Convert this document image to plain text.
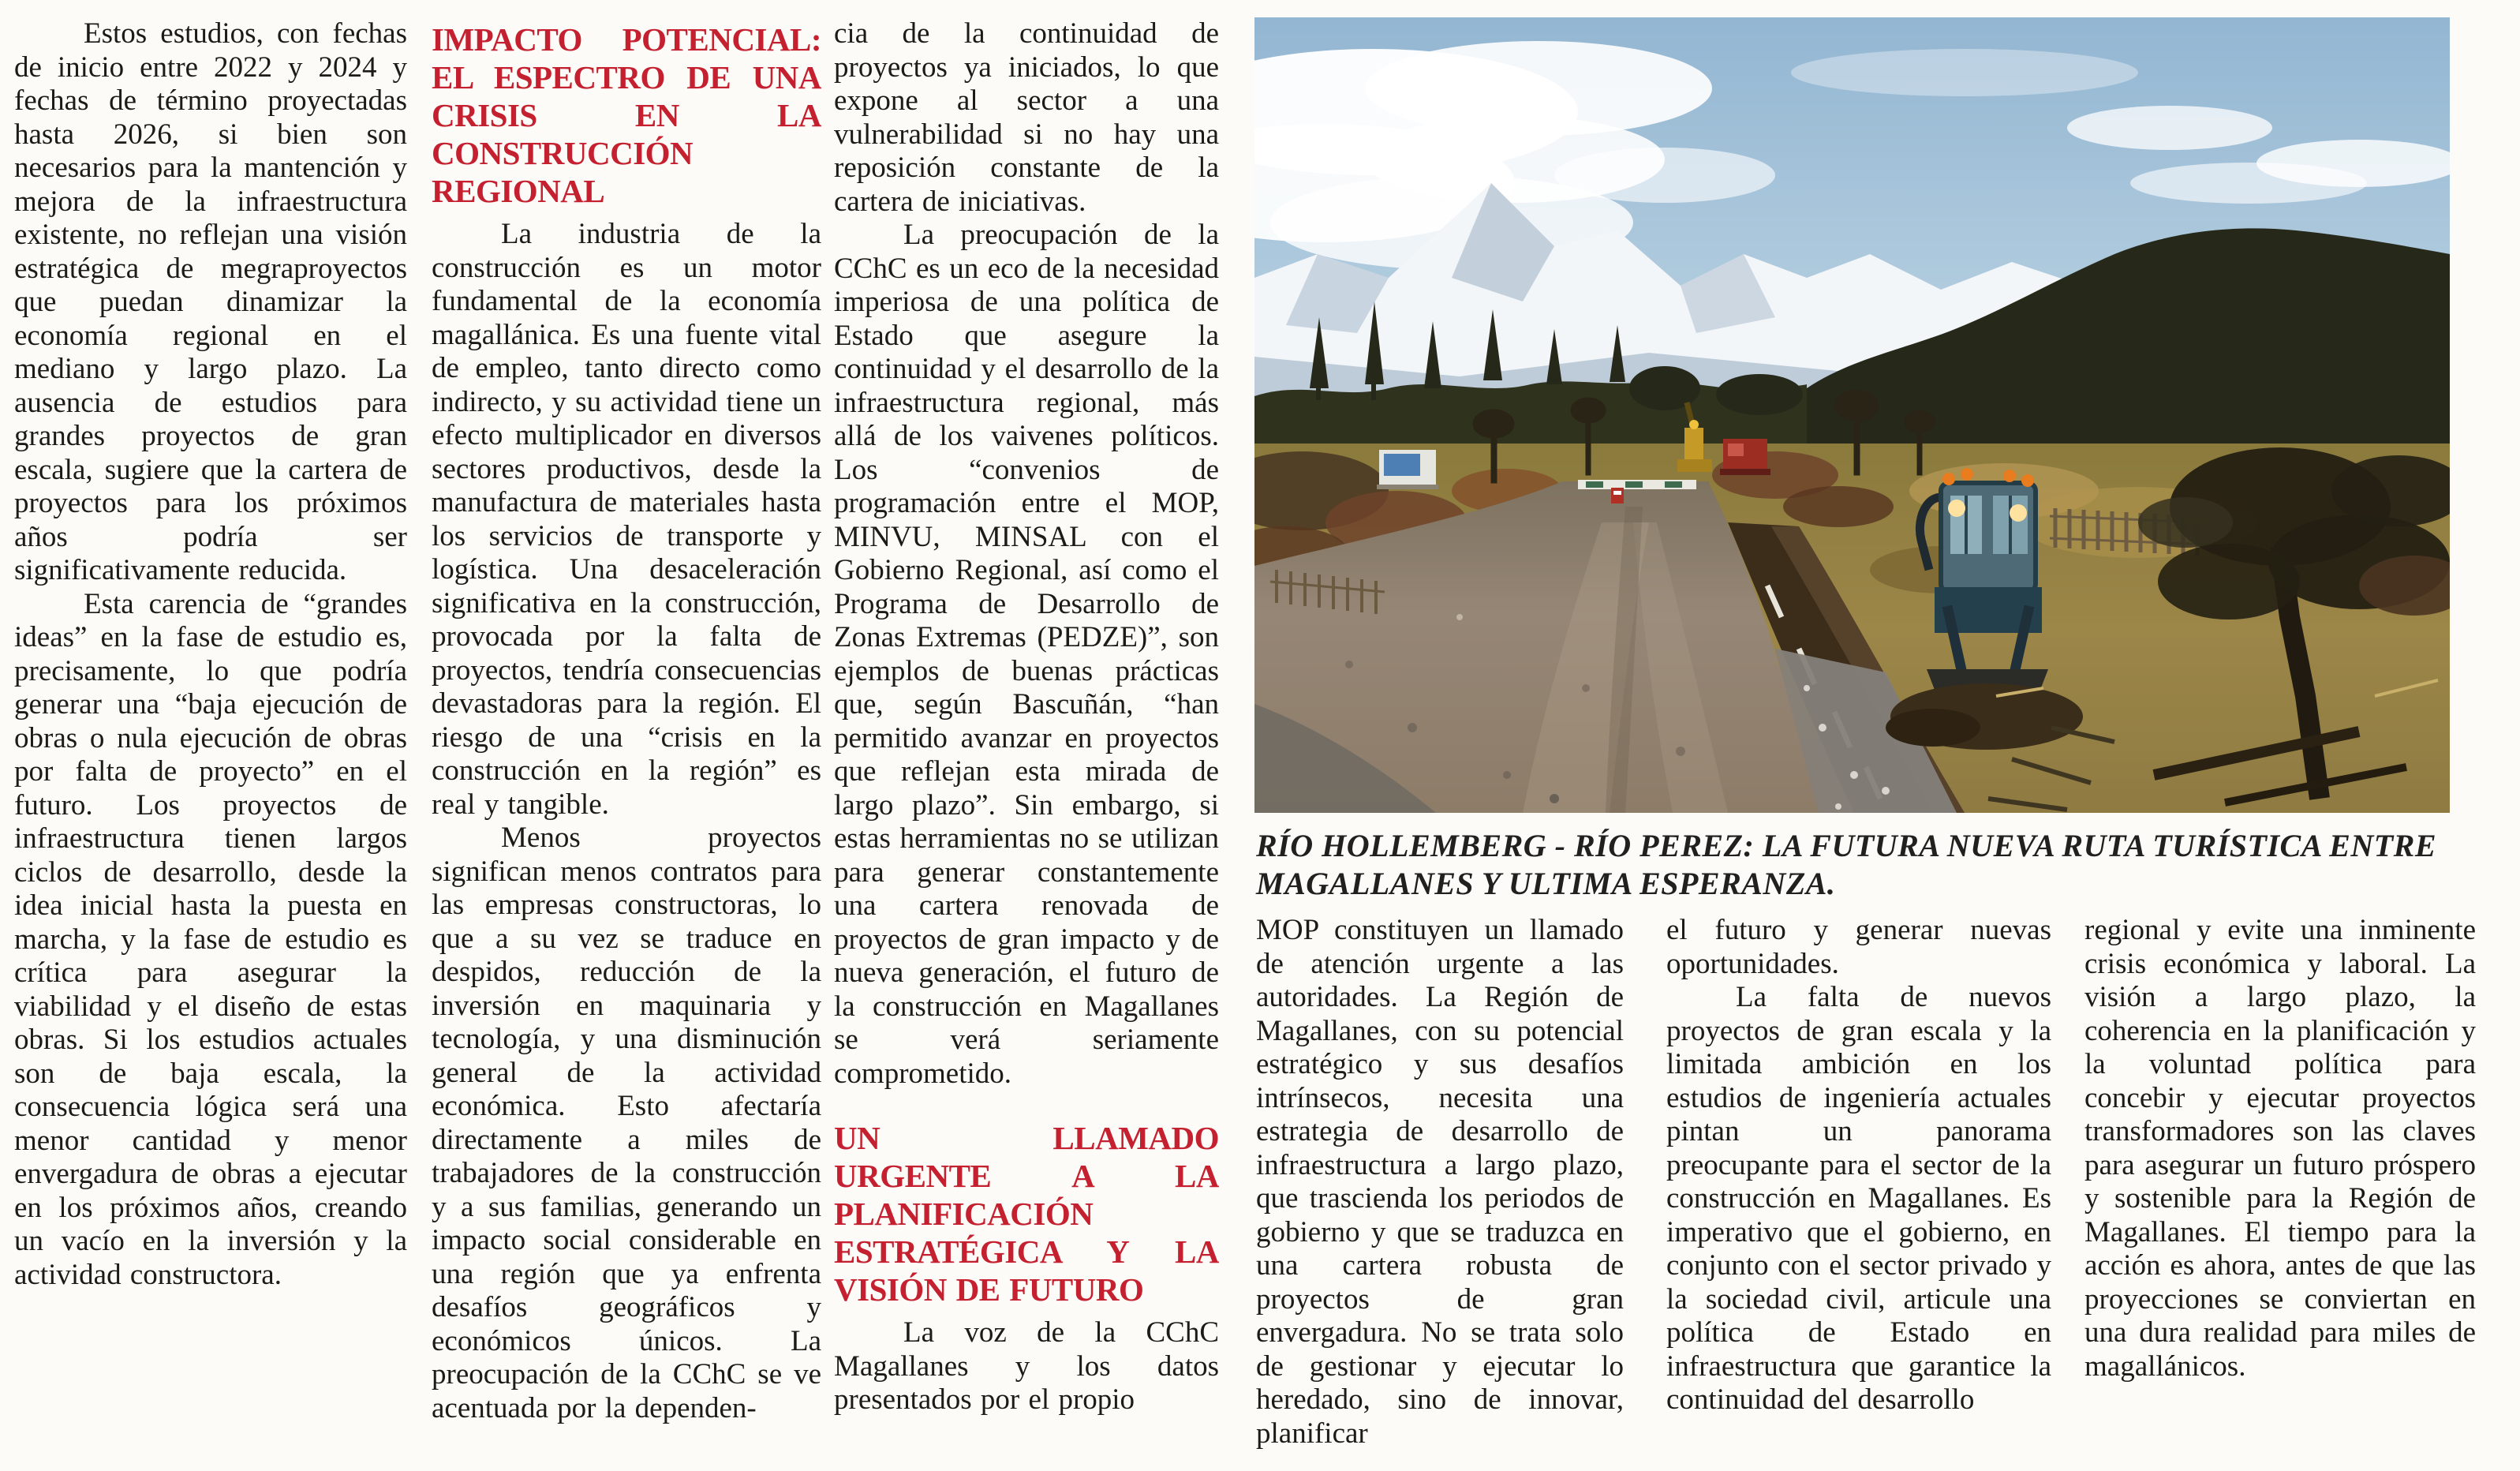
Estos estudios, con fechas de inicio entre 2022 y 2024 y fechas de término proyectadas hasta 2026, si bien son necesarios para la mantención y mejora de la infraestructura existente, no reflejan una visión estratégica de megraproyectos que puedan dinamizar la economía regional en el mediano y largo plazo. La ausencia de estudios para grandes proyectos de gran escala, sugiere que la cartera de proyectos para los próximos años podría ser significativamente reducida.

Esta carencia de “grandes ideas” en la fase de estudio es, precisamente, lo que podría generar una “baja ejecución de obras o nula ejecución de obras por falta de proyecto” en el futuro. Los proyectos de infraestructura tienen largos ciclos de desarrollo, desde la idea inicial hasta la puesta en marcha, y la fase de estudio es crítica para asegurar la viabilidad y el diseño de estas obras. Si los estudios actuales son de baja escala, la consecuencia lógica será una menor cantidad y menor envergadura de obras a ejecutar en los próximos años, creando un vacío en la inversión y la actividad constructora.

IMPACTO POTENCIAL: EL ESPECTRO DE UNA CRISIS EN LA CONSTRUCCIÓN REGIONAL

La industria de la construcción es un motor fundamental de la economía magallánica. Es una fuente vital de empleo, tanto directo como indirecto, y su actividad tiene un efecto multiplicador en diversos sectores productivos, desde la manufactura de materiales hasta los servicios de transporte y logística. Una desaceleración significativa en la construcción, provocada por la falta de proyectos, tendría consecuencias devastadoras para la región. El riesgo de una “crisis en la construcción en la región” es real y tangible.

Menos proyectos significan menos contratos para las empresas constructoras, lo que a su vez se traduce en despidos, reducción de la inversión en maquinaria y tecnología, y una disminución general de la actividad económica. Esto afectaría directamente a miles de trabajadores de la construcción y a sus familias, generando un impacto social considerable en una región que ya enfrenta desafíos geográficos y económicos únicos. La preocupación de la CChC se ve acentuada por la dependen-

cia de la continuidad de proyectos ya iniciados, lo que expone al sector a una vulnerabilidad si no hay una reposición constante de la cartera de iniciativas.

La preocupación de la CChC es un eco de la necesidad imperiosa de una política de Estado que asegure la continuidad y el desarrollo de la infraestructura regional, más allá de los vaivenes políticos. Los “convenios de programación entre el MOP, MINVU, MINSAL con el Gobierno Regional, así como el Programa de Desarrollo de Zonas Extremas (PEDZE)”, son ejemplos de buenas prácticas que, según Bascuñán, “han permitido avanzar en proyectos que reflejan esta mirada de largo plazo”. Sin embargo, si estas herramientas no se utilizan para generar constantemente una cartera renovada de proyectos de gran impacto y de nueva generación, el futuro de la construcción en Magallanes se verá seriamente comprometido.

UN LLAMADO URGENTE A LA PLANIFICACIÓN ESTRATÉGICA Y LA VISIÓN DE FUTURO

La voz de la CChC Magallanes y los datos presentados por el propio

RÍO HOLLEMBERG - RÍO PEREZ: LA FUTURA NUEVA RUTA TURÍSTICA ENTRE MAGALLANES Y ULTIMA ESPERANZA.

MOP constituyen un llamado de atención urgente a las autoridades. La Región de Magallanes, con su potencial estratégico y sus desafíos intrínsecos, necesita una estrategia de desarrollo de infraestructura a largo plazo, que trascienda los periodos de gobierno y que se traduzca en una cartera robusta de proyectos de gran envergadura. No se trata solo de gestionar y ejecutar lo heredado, sino de innovar, planificar

el futuro y generar nuevas oportunidades.

La falta de nuevos proyectos de gran escala y la limitada ambición en los estudios de ingeniería actuales pintan un panorama preocupante para el sector de la construcción en Magallanes. Es imperativo que el gobierno, en conjunto con el sector privado y la sociedad civil, articule una política de Estado en infraestructura que garantice la continuidad del desarrollo

regional y evite una inminente crisis económica y laboral. La visión a largo plazo, la coherencia en la planificación y la voluntad política para concebir y ejecutar proyectos transformadores son las claves para asegurar un futuro próspero y sostenible para la Región de Magallanes. El tiempo para la acción es ahora, antes de que las proyecciones se conviertan en una dura realidad para miles de magallánicos.
